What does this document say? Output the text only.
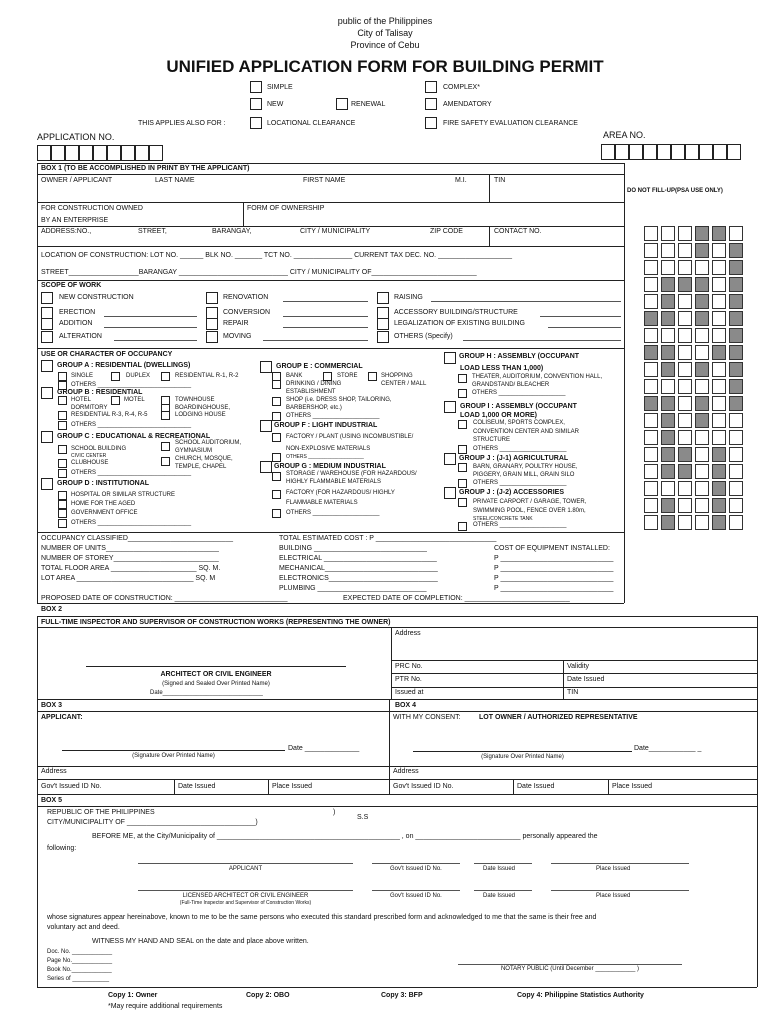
public of the Philippines
City of Talisay
Province of Cebu
UNIFIED APPLICATION FORM FOR BUILDING PERMIT
SIMPLE	COMPLEX*
NEW	RENEWAL	AMENDATORY
THIS APPLIES ALSO FOR :	LOCATIONAL CLEARANCE	FIRE SAFETY EVALUATION CLEARANCE
APPLICATION NO.	AREA NO.
BOX 1 (TO BE ACCOMPLISHED IN PRINT BY THE APPLICANT)
OWNER / APPLICANT	LAST NAME	FIRST NAME	M.I.	TIN
DO NOT FILL-UP(PSA USE ONLY)
FOR CONSTRUCTION OWNED
BY AN ENTERPRISE
FORM OF OWNERSHIP
ADDRESS:NO.,	STREET,	BARANGAY,	CITY / MUNICIPALITY	ZIP CODE	CONTACT NO.
LOCATION OF CONSTRUCTION: LOT NO. ______ BLK NO. _______ TCT NO. _______________ CURRENT TAX DEC. NO. ___________________
STREET__________________BARANGAY ____________________________ CITY / MUNICIPALITY OF___________________________
SCOPE OF WORK
NEW CONSTRUCTION	RENOVATION	RAISING
ERECTION	CONVERSION	ACCESSORY BUILDING/STRUCTURE
ADDITION	REPAIR	LEGALIZATION OF EXISTING BUILDING
ALTERATION	MOVING	OTHERS (Specify)
USE OR CHARACTER OF OCCUPANCY
GROUP A : RESIDENTIAL (DWELLINGS)
SINGLE	DUPLEX	RESIDENTIAL R-1, R-2
OTHERS ____________________________
GROUP B : RESIDENTIAL
HOTEL	MOTEL	TOWNHOUSE
DORMITORY	BOARDINGHOUSE,
RESIDENTIAL R-3, R-4, R-5	LODGING HOUSE
OTHERS ____________________________
GROUP C : EDUCATIONAL & RECREATIONAL
SCHOOL BUILDING
CIVIC CENTER
CLUBHOUSE
SCHOOL AUDITORIUM,
GYMNASIUM
CHURCH, MOSQUE,
TEMPLE, CHAPEL
OTHERS ____________________________
GROUP D : INSTITUTIONAL
HOSPITAL OR SIMILAR STRUCTURE
HOME FOR THE AGED
GOVERNMENT OFFICE
OTHERS ____________________________
GROUP E : COMMERCIAL
BANK	STORE	SHOPPING
CENTER / MALL
DRINKING / DINING
ESTABLISHMENT
SHOP (i.e. DRESS SHOP, TAILORING,
BARBERSHOP, etc.)
OTHERS ____________________
GROUP F : LIGHT INDUSTRIAL
FACTORY / PLANT (USING INCOMBUSTIBLE/
NON-EXPLOSIVE MATERIALS
OTHERS ____________________
GROUP G : MEDIUM INDUSTRIAL
STORAGE / WAREHOUSE (FOR HAZARDOUS/
HIGHLY FLAMMABLE MATERIALS
FACTORY (FOR HAZARDOUS/ HIGHLY
FLAMMABLE MATERIALS
OTHERS ____________________
GROUP H : ASSEMBLY (OCCUPANT
LOAD LESS THAN 1,000)
THEATER, AUDITORIUM, CONVENTION HALL,
GRANDSTAND/ BLEACHER
OTHERS ____________________
GROUP I : ASSEMBLY (OCCUPANT
LOAD 1,000 OR MORE)
COLISEUM, SPORTS COMPLEX,
CONVENTION CENTER AND SIMILAR
STRUCTURE
OTHERS ____________________
GROUP J : (J-1) AGRICULTURAL
BARN, GRANARY, POULTRY HOUSE,
PIGGERY, GRAIN MILL, GRAIN SILO
OTHERS ____________________
GROUP J : (J-2) ACCESSORIES
PRIVATE CARPORT / GARAGE, TOWER,
SWIMMING POOL, FENCE OVER 1.80m,
STEEL/CONCRETE TANK
OTHERS ____________________
OCCUPANCY CLASSIFIED___________________________
NUMBER OF UNITS_____________________________
NUMBER OF STOREY___________________________
TOTAL FLOOR AREA ______________________ SQ. M.
LOT AREA ______________________________ SQ. M
PROPOSED DATE OF CONSTRUCTION: _____________________________
TOTAL ESTIMATED COST : P _______________________________
BUILDING _____________________________
ELECTRICAL _____________________________
MECHANICAL_____________________________
ELECTRONICS____________________________
PLUMBING ____________________________
EXPECTED DATE OF COMPLETION: ___________________________
COST OF EQUIPMENT INSTALLED:
P _____________________________
P _____________________________
P _____________________________
P _____________________________
BOX 2
FULL-TIME INSPECTOR AND SUPERVISOR OF CONSTRUCTION WORKS (REPRESENTING THE OWNER)
Address
PRC No.	Validity
PTR No.	Date Issued
Issued at	TIN
ARCHITECT OR CIVIL ENGINEER
(Signed and Sealed Over Printed Name)
Date______________________________
BOX 3	BOX 4
APPLICANT:	WITH MY CONSENT:	LOT OWNER / AUTHORIZED REPRESENTATIVE
Date ______________
(Signature Over Printed Name)
Date____________ _
(Signature Over Printed Name)
Address	Address
Gov't Issued ID No.	Date Issued	Place Issued	Gov't Issued ID No.	Date Issued	Place Issued
BOX 5
REPUBLIC OF THE PHILIPPINES	)
S.S
CITY/MUNICIPALITY OF _________________________________)
BEFORE ME, at the City/Municipality of _______________________________________________ , on ___________________________ personally appeared the
following:
APPLICANT	Gov't Issued ID No.	Date Issued	Place Issued
LICENSED ARCHITECT OR CIVIL ENGINEER
(Full-Time Inspector and Supervisor of Construction Works)
Gov't Issued ID No.	Date Issued	Place Issued
whose signatures appear hereinabove, known to me to be the same persons who executed this standard prescribed form and acknowledged to me that the same is their free and
voluntary act and deed.
WITNESS MY HAND AND SEAL on the date and place above written.
Doc. No. ____________
Page No.____________
Book No.____________
Series of ___________
NOTARY PUBLIC (Until December ____________ )
Copy 1: Owner	Copy 2: OBO	Copy 3: BFP	Copy 4: Philippine Statistics Authority
*May require additional requirements
